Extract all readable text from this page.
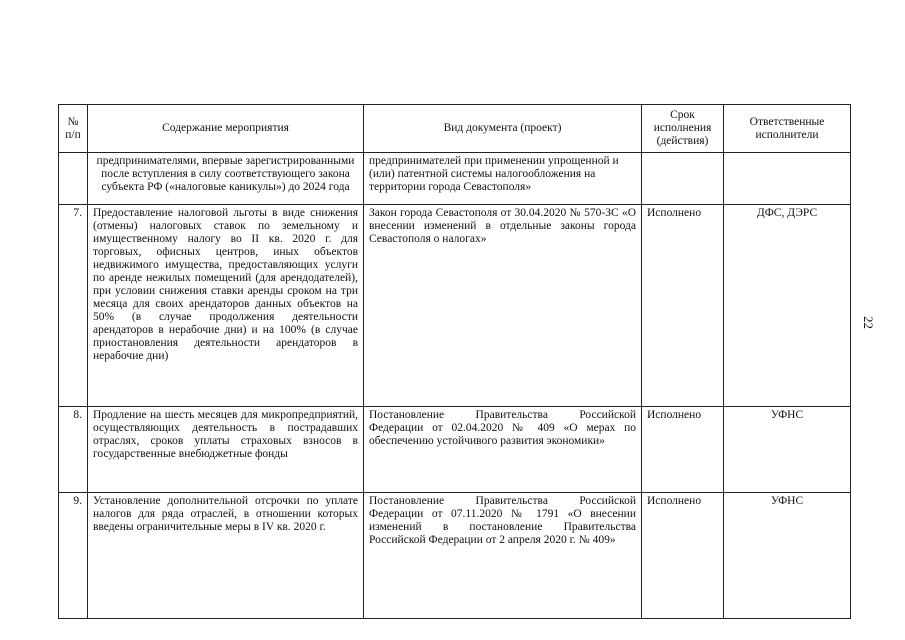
№ п/п	Содержание мероприятия	Вид документа (проект)	Срок исполнения (действия)	Ответственные исполнители
	предпринимателями, впервые зарегистрированными после вступления в силу соответствующего закона субъекта РФ («налоговые каникулы») до 2024 года	предпринимателей при применении упрощенной и (или) патентной системы налогообложения на территории города Севастополя»		
7.	Предоставление налоговой льготы в виде снижения (отмены) налоговых ставок по земельному и имущественному налогу во II кв. 2020 г. для торговых, офисных центров, иных объектов недвижимого имущества, предоставляющих услуги по аренде нежилых помещений (для арендодателей), при условии снижения ставки аренды сроком на три месяца для своих арендаторов данных объектов на 50% (в случае продолжения деятельности арендаторов в нерабочие дни) и на 100% (в случае приостановления деятельности арендаторов в нерабочие дни)	Закон города Севастополя от 30.04.2020 № 570-ЗС «О внесении изменений в отдельные законы города Севастополя о налогах»	Исполнено	ДФС, ДЭРС
8.	Продление на шесть месяцев для микропредприятий, осуществляющих деятельность в пострадавших отраслях, сроков уплаты страховых взносов в государственные внебюджетные фонды	Постановление Правительства Российской Федерации от 02.04.2020 № 409 «О мерах по обеспечению устойчивого развития экономики»	Исполнено	УФНС
9.	Установление дополнительной отсрочки по уплате налогов для ряда отраслей, в отношении которых введены ограничительные меры в IV кв. 2020 г.	Постановление Правительства Российской Федерации от 07.11.2020 № 1791 «О внесении изменений в постановление Правительства Российской Федерации от 2 апреля 2020 г. № 409»	Исполнено	УФНС
22
